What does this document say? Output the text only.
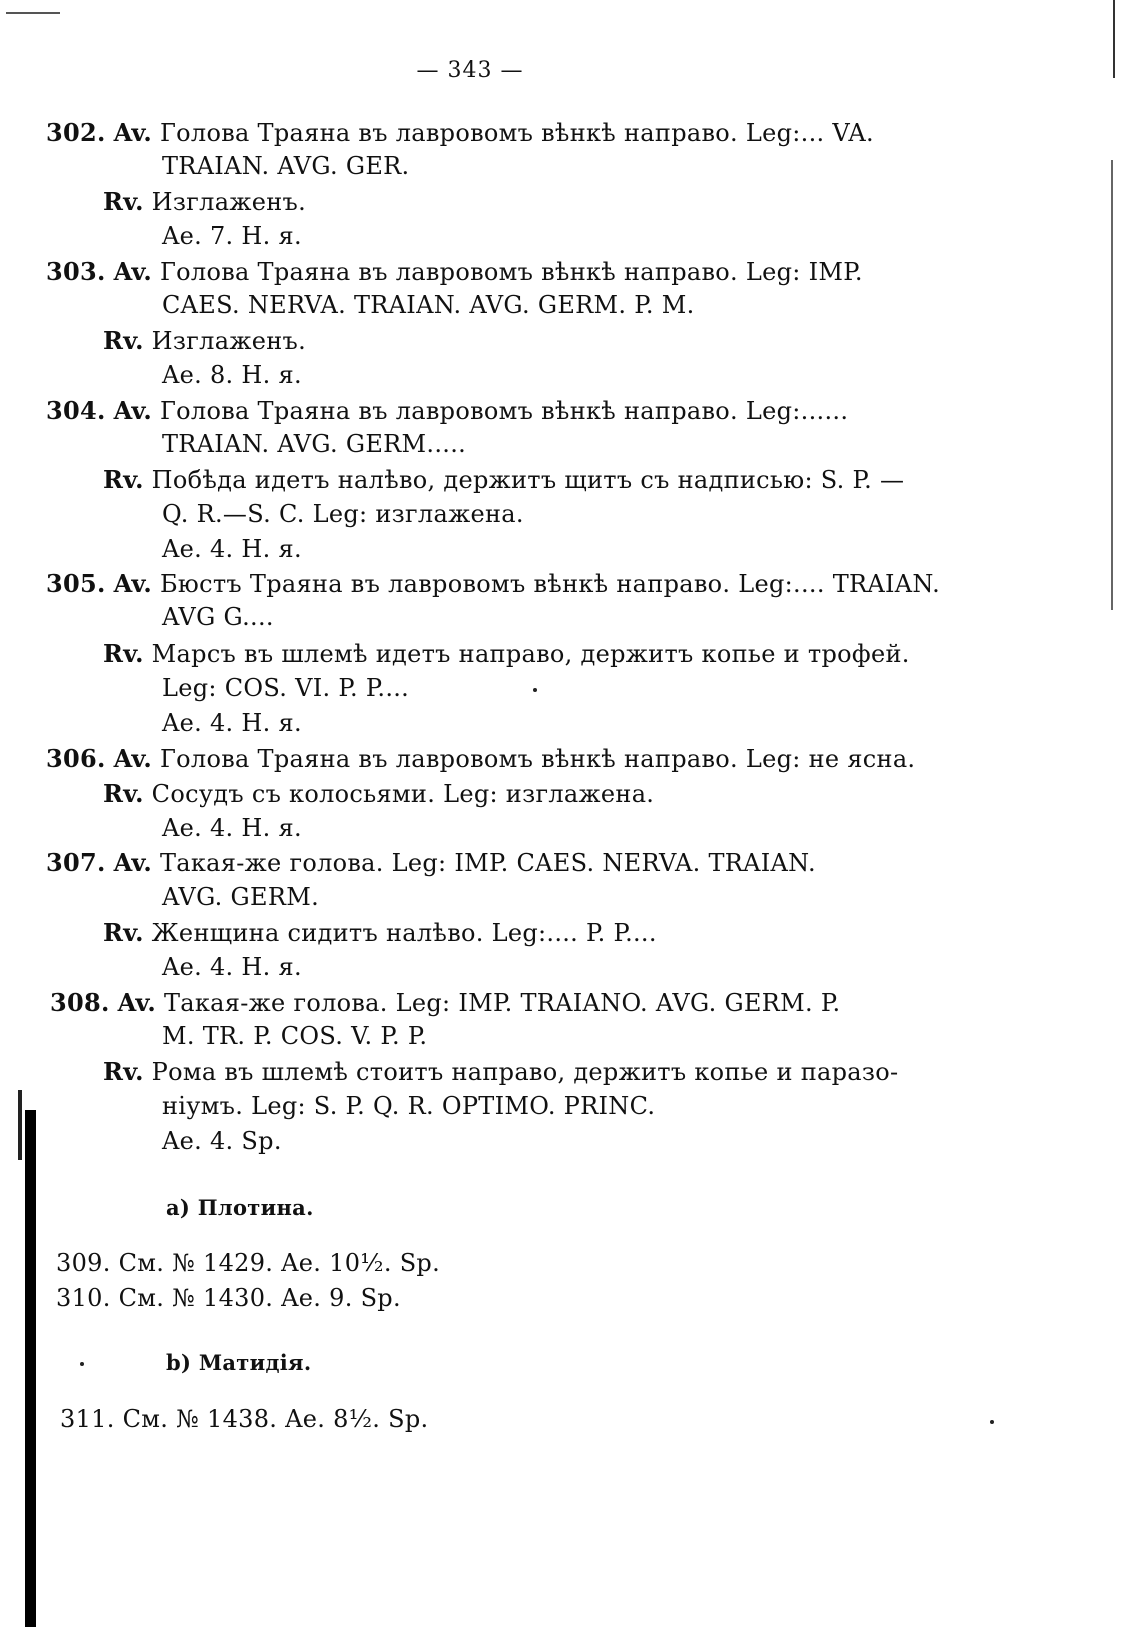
— 343 —
302. Av. Голова Траяна въ лавровомъ вѣнкѣ направо. Leg:... VA.
TRAIAN. AVG. GER.
Rv. Изглаженъ.
Ae. 7. Н. я.
303. Av. Голова Траяна въ лавровомъ вѣнкѣ направо. Leg: IMP.
CAES. NERVA. TRAIAN. AVG. GERM. P. M.
Rv. Изглаженъ.
Ae. 8. Н. я.
304. Av. Голова Траяна въ лавровомъ вѣнкѣ направо. Leg:......
TRAIAN. AVG. GERM.....
Rv. Побѣда идетъ налѣво, держитъ щитъ съ надписью: S. P. —
Q. R.—S. C. Leg: изглажена.
Ae. 4. Н. я.
305. Av. Бюстъ Траяна въ лавровомъ вѣнкѣ направо. Leg:.... TRAIAN.
AVG G....
Rv. Марсъ въ шлемѣ идетъ направо, держитъ копье и трофей.
Leg: COS. VI. P. P....
Ae. 4. Н. я.
306. Av. Голова Траяна въ лавровомъ вѣнкѣ направо. Leg: не ясна.
Rv. Сосудъ съ колосьями. Leg: изглажена.
Ae. 4. Н. я.
307. Av. Такая-же голова. Leg: IMP. CAES. NERVA. TRAIAN.
AVG. GERM.
Rv. Женщина сидитъ налѣво. Leg:.... P. P....
Ae. 4. Н. я.
308. Av. Такая-же голова. Leg: IMP. TRAIANO. AVG. GERM. P.
M. TR. P. COS. V. P. P.
Rv. Рома въ шлемѣ стоитъ направо, держитъ копье и паразо-
ніумъ. Leg: S. P. Q. R. OPTIMO. PRINC.
Ae. 4. Sp.
a) Плотина.
309. См. № 1429. Ae. 10½. Sp.
310. См. № 1430. Ae. 9. Sp.
b) Матидія.
311. См. № 1438. Ae. 8½. Sp.
